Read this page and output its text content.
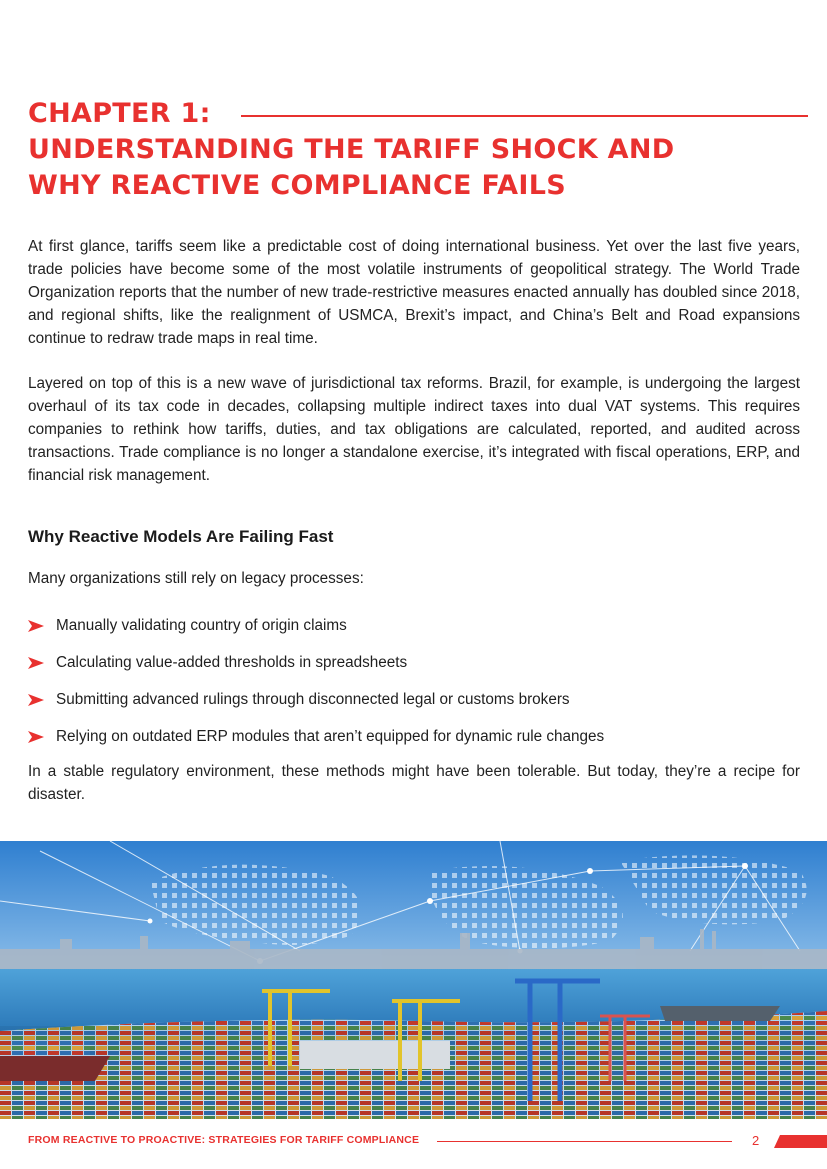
CHAPTER 1:
UNDERSTANDING THE TARIFF SHOCK AND
WHY REACTIVE COMPLIANCE FAILS

At first glance, tariffs seem like a predictable cost of doing international business. Yet over the last five years, trade policies have become some of the most volatile instruments of geopolitical strategy. The World Trade Organization reports that the number of new trade-restrictive measures enacted annually has doubled since 2018, and regional shifts, like the realignment of USMCA, Brexit’s impact, and China’s Belt and Road expansions continue to redraw trade maps in real time.

Layered on top of this is a new wave of jurisdictional tax reforms. Brazil, for example, is undergoing the largest overhaul of its tax code in decades, collapsing multiple indirect taxes into dual VAT systems. This requires companies to rethink how tariffs, duties, and tax obligations are calculated, reported, and audited across transactions. Trade compliance is no longer a standalone exercise, it’s integrated with fiscal operations, ERP, and financial risk management.

Why Reactive Models Are Failing Fast

Many organizations still rely on legacy processes:

Manually validating country of origin claims
Calculating value-added thresholds in spreadsheets
Submitting advanced rulings through disconnected legal or customs brokers
Relying on outdated ERP modules that aren’t equipped for dynamic rule changes

In a stable regulatory environment, these methods might have been tolerable. But today, they’re a recipe for disaster.

FROM REACTIVE TO PROACTIVE: STRATEGIES FOR TARIFF COMPLIANCE	2
